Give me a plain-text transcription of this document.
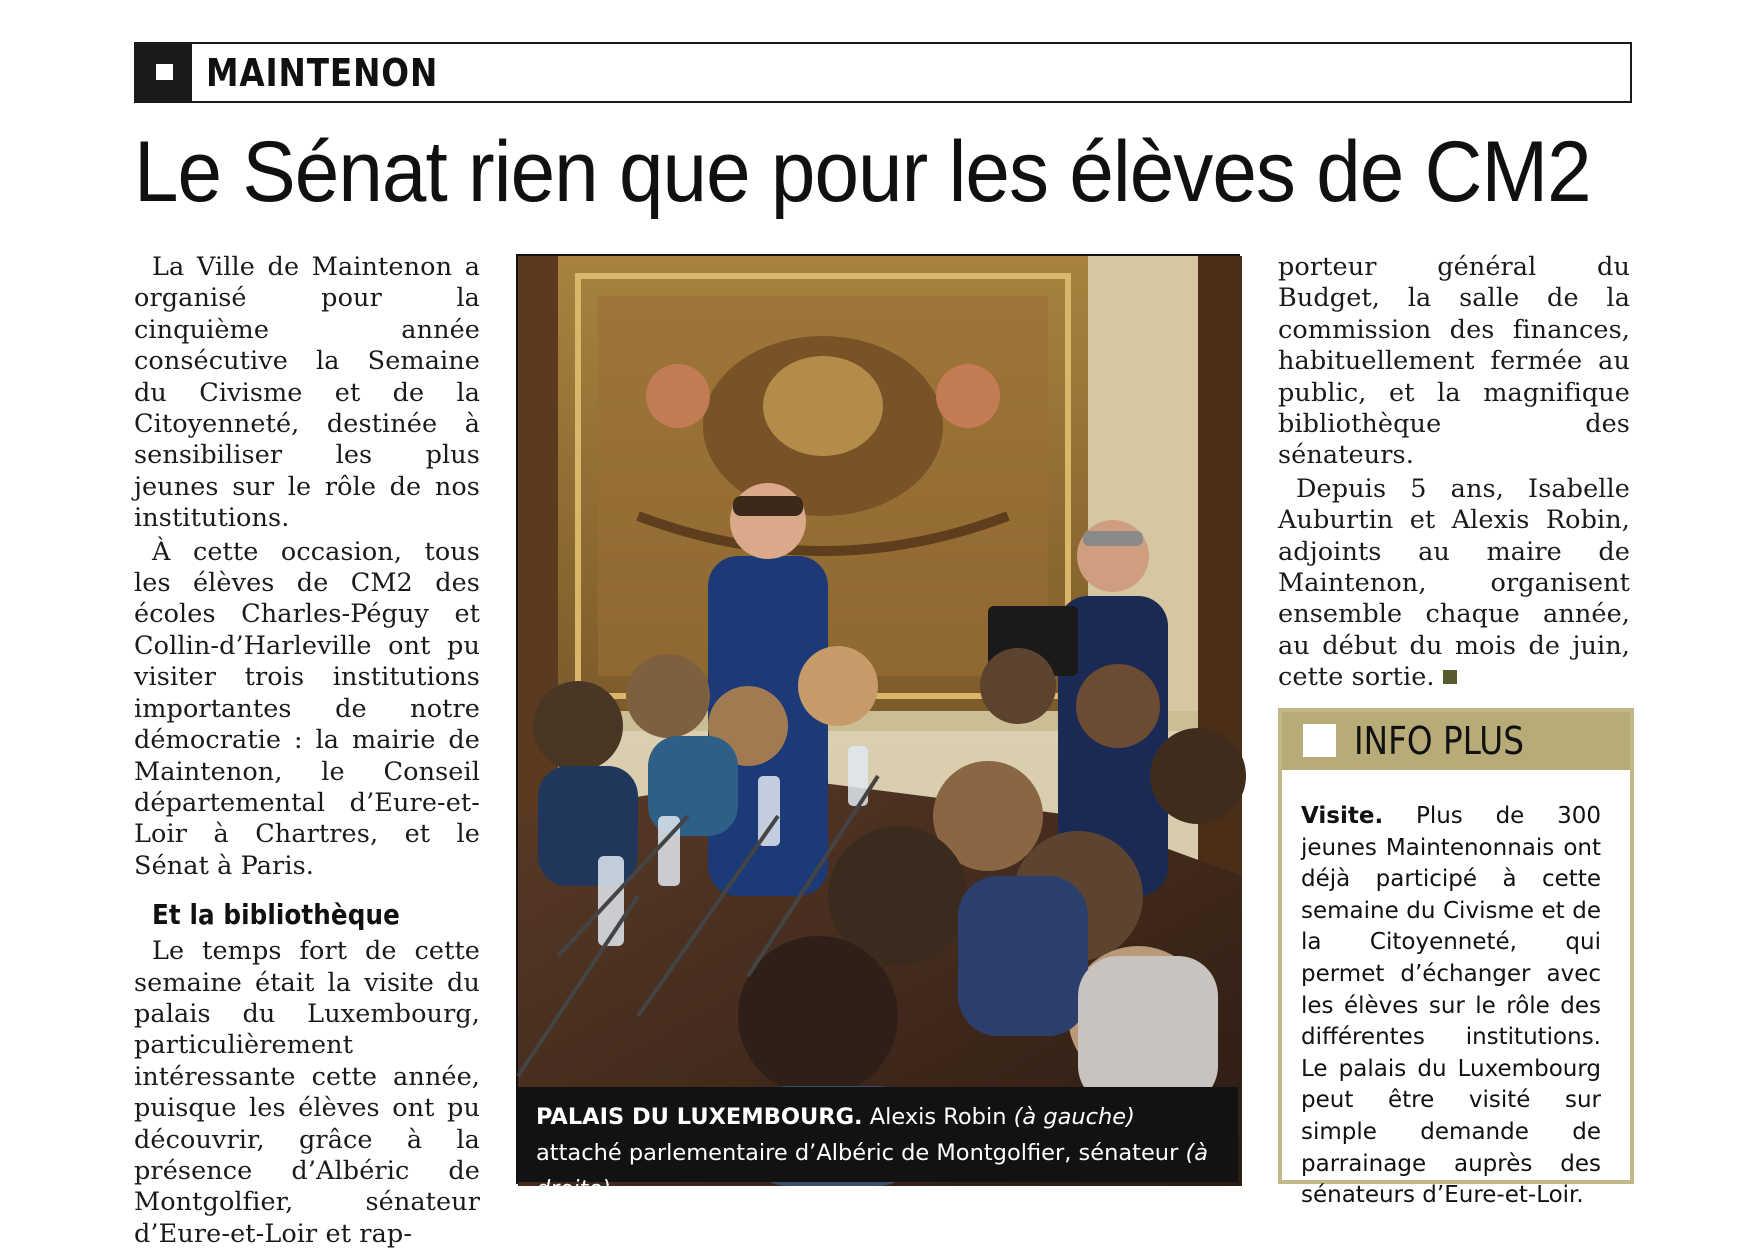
MAINTENON
Le Sénat rien que pour les élèves de CM2

La Ville de Maintenon a organisé pour la cinquième année consécutive la Semaine du Civisme et de la Citoyenneté, destinée à sensibiliser les plus jeunes sur le rôle de nos institutions.

À cette occasion, tous les élèves de CM2 des écoles Charles-Péguy et Collin-d’Harleville ont pu visiter trois institutions importantes de notre démocratie : la mairie de Maintenon, le Conseil départemental d’Eure-et-Loir à Chartres, et le Sénat à Paris.

Et la bibliothèque

Le temps fort de cette semaine était la visite du palais du Luxembourg, particulièrement intéressante cette année, puisque les élèves ont pu découvrir, grâce à la présence d’Albéric de Montgolfier, sénateur d’Eure-et-Loir et rap-

PALAIS DU LUXEMBOURG. Alexis Robin (à gauche) attaché parlementaire d’Albéric de Montgolfier, sénateur (à droite).

porteur général du Budget, la salle de la commission des finances, habituellement fermée au public, et la magnifique bibliothèque des sénateurs.

Depuis 5 ans, Isabelle Auburtin et Alexis Robin, adjoints au maire de Maintenon, organisent ensemble chaque année, au début du mois de juin, cette sortie.

INFO PLUS
Visite. Plus de 300 jeunes Maintenonnais ont déjà participé à cette semaine du Civisme et de la Citoyenneté, qui permet d’échanger avec les élèves sur le rôle des différentes institutions. Le palais du Luxembourg peut être visité sur simple demande de parrainage auprès des sénateurs d’Eure-et-Loir.
